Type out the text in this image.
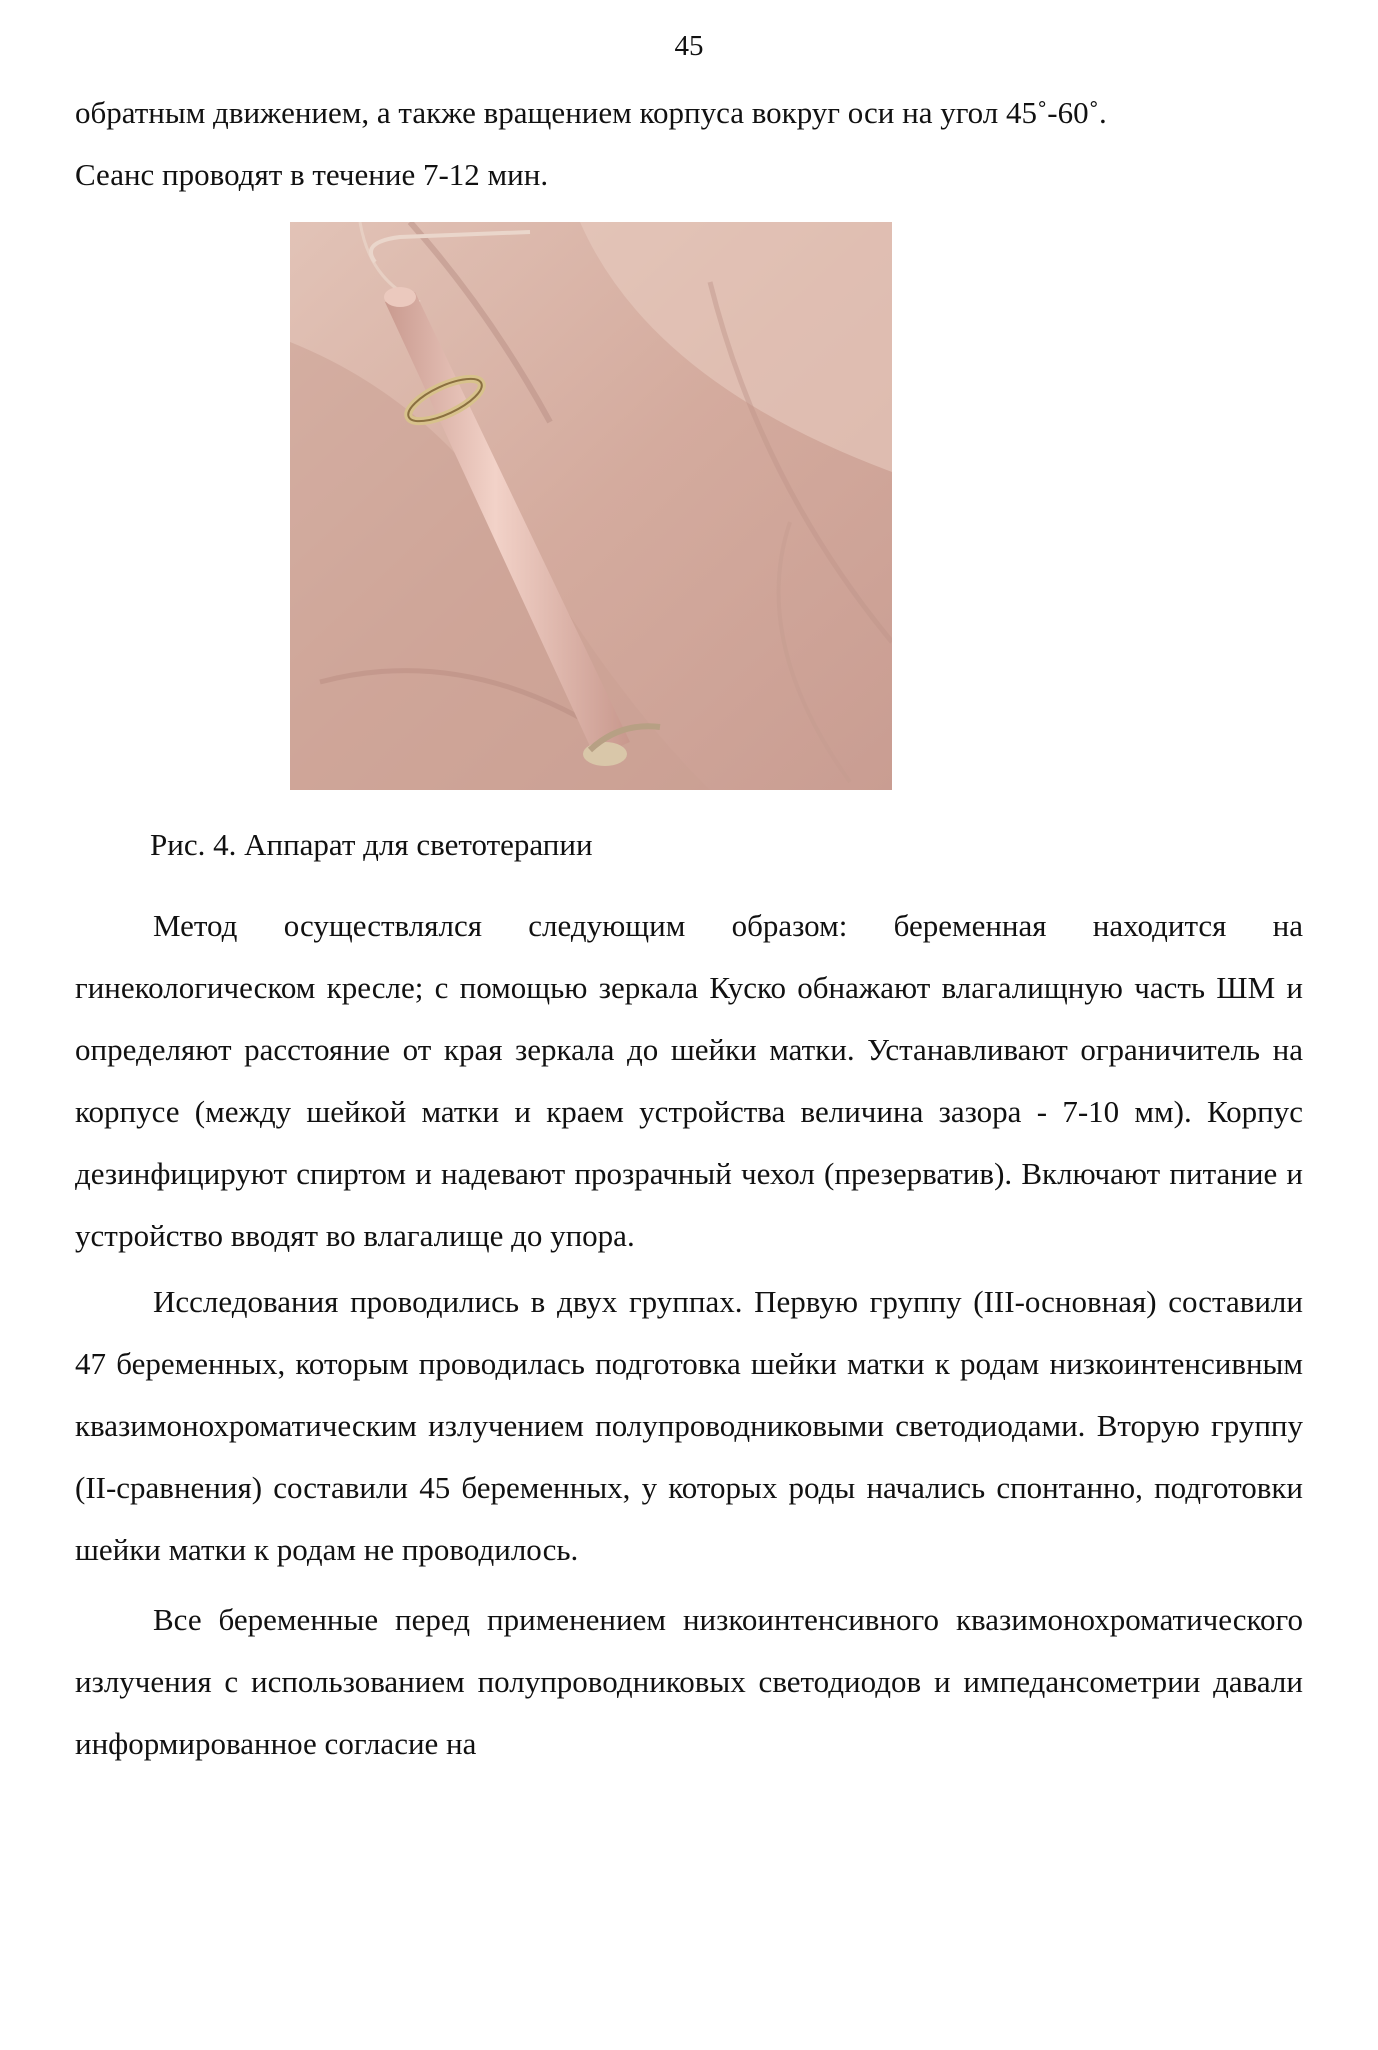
45

обратным движением, а также вращением корпуса вокруг оси на угол 45˚-60˚.

Сеанс проводят в течение 7-12 мин.

Рис. 4. Аппарат для светотерапии

Метод осуществлялся следующим образом: беременная находится на гинекологическом кресле; с помощью зеркала Куско обнажают влагалищную часть ШМ и определяют расстояние от края зеркала до шейки матки. Устанавливают ограничитель на корпусе (между шейкой матки и краем устройства величина зазора - 7-10 мм). Корпус дезинфицируют спиртом и надевают прозрачный чехол (презерватив). Включают питание и устройство вводят во влагалище до упора.

Исследования проводились в двух группах. Первую группу (III-основная) составили 47 беременных, которым проводилась подготовка шейки матки к родам низкоинтенсивным квазимонохроматическим излучением полупроводниковыми светодиодами. Вторую группу (II-сравнения) составили 45 беременных, у которых роды начались спонтанно, подготовки шейки матки к родам не проводилось.

Все беременные перед применением низкоинтенсивного квазимонохроматического излучения с использованием полупроводниковых светодиодов и импедансометрии давали информированное согласие на
